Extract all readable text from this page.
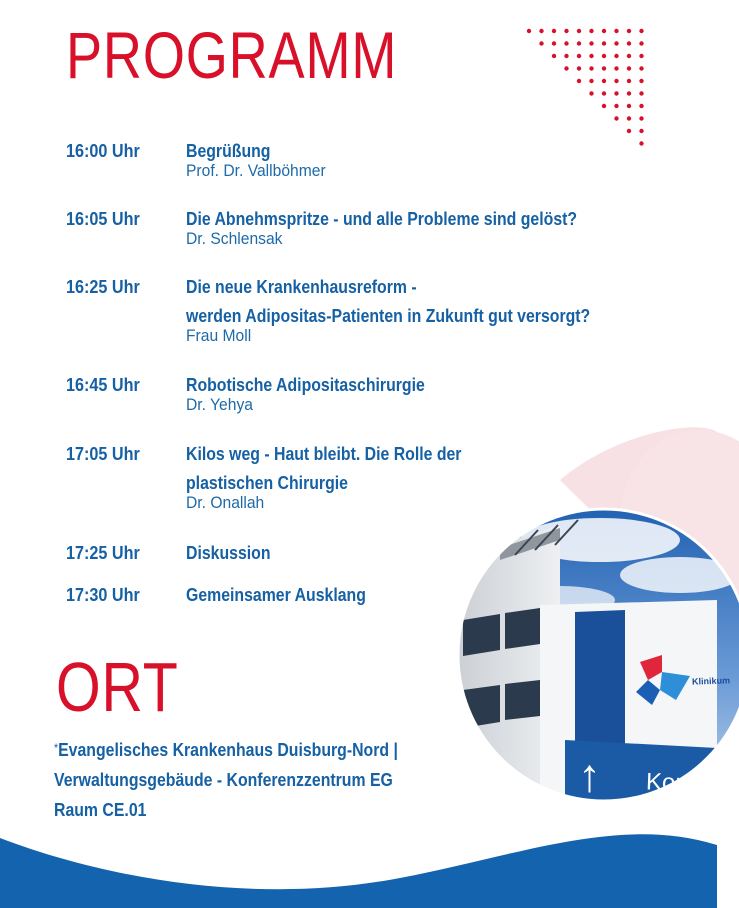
Klinikum
↑ Konferer
PROGRAMM
16:00 Uhr	Begrüßung
Prof. Dr. Vallböhmer
16:05 Uhr	Die Abnehmspritze - und alle Probleme sind gelöst?
Dr. Schlensak
16:25 Uhr	Die neue Krankenhausreform -
werden Adipositas-Patienten in Zukunft gut versorgt?
Frau Moll
16:45 Uhr	Robotische Adipositaschirurgie
Dr. Yehya
17:05 Uhr	Kilos weg - Haut bleibt. Die Rolle der
plastischen Chirurgie
Dr. Onallah
17:25 Uhr	Diskussion
17:30 Uhr	Gemeinsamer Ausklang
ORT
*Evangelisches Krankenhaus Duisburg-Nord |
Verwaltungsgebäude - Konferenzzentrum EG
Raum CE.01
